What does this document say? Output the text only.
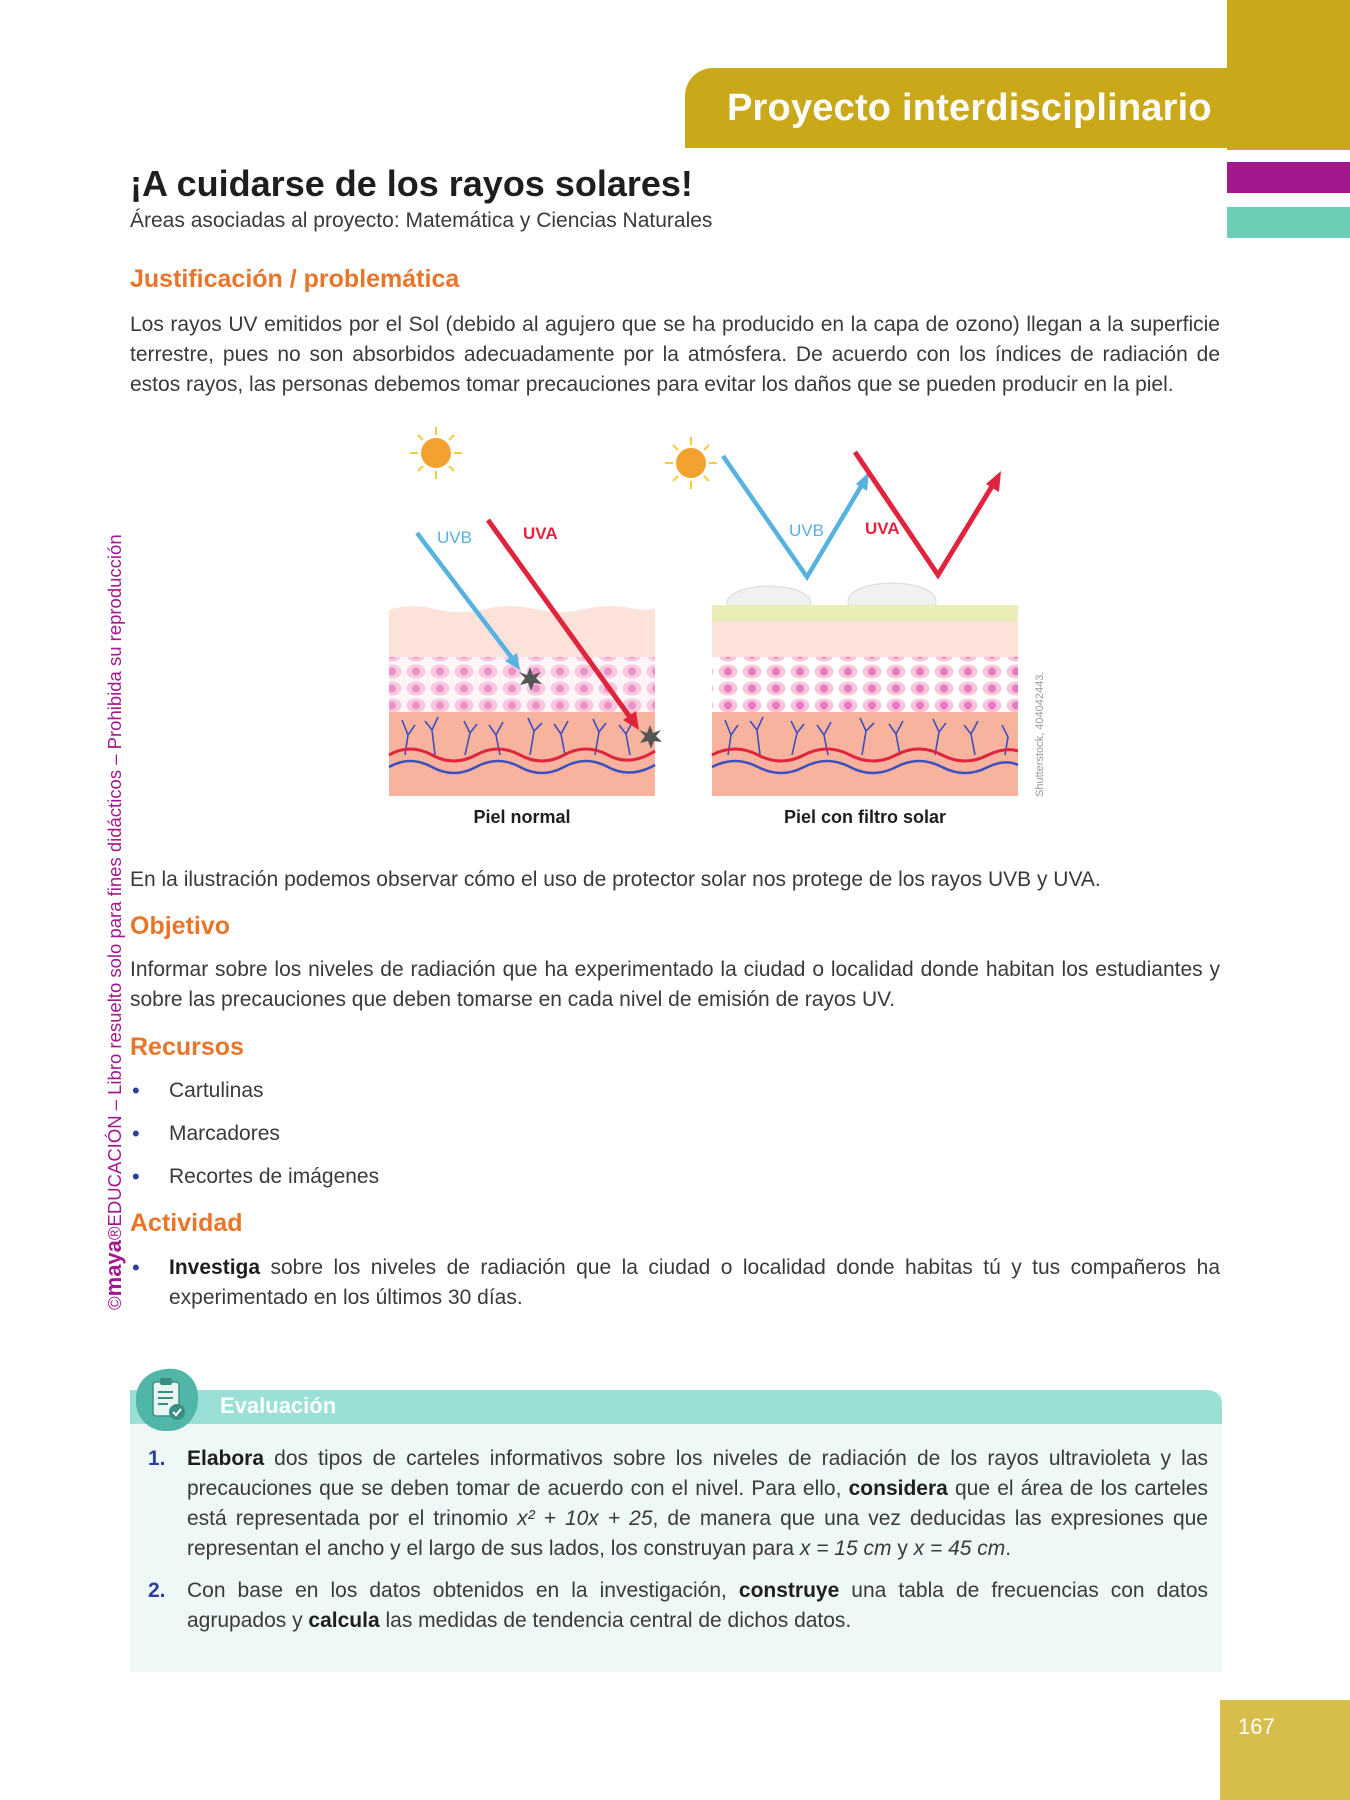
Proyecto interdisciplinario
©maya®EDUCACIÓN – Libro resuelto solo para fines didácticos – Prohibida su reproducción
¡A cuidarse de los rayos solares!
Áreas asociadas al proyecto: Matemática y Ciencias Naturales
Justificación / problemática

Los rayos UV emitidos por el Sol (debido al agujero que se ha producido en la capa de ozono) llegan a la superficie terrestre, pues no son absorbidos adecuadamente por la atmósfera. De acuerdo con los índices de radiación de estos rayos, las personas debemos tomar precauciones para evitar los daños que se pueden producir en la piel.

UVB	UVA
Piel normal
UVB UVA
Piel con filtro solar
Shutterstock, 404042443.

En la ilustración podemos observar cómo el uso de protector solar nos protege de los rayos UVB y UVA.

Objetivo

Informar sobre los niveles de radiación que ha experimentado la ciudad o localidad donde habitan los estudiantes y sobre las precauciones que deben tomarse en cada nivel de emisión de rayos UV.

Recursos
• Cartulinas
• Marcadores
• Recortes de imágenes
Actividad
• Investiga sobre los niveles de radiación que la ciudad o localidad donde habitas tú y tus compañeros ha experimentado en los últimos 30 días.
Evaluación
1. Elabora dos tipos de carteles informativos sobre los niveles de radiación de los rayos ultravioleta y las precauciones que se deben tomar de acuerdo con el nivel. Para ello, considera que el área de los carteles está representada por el trinomio x² + 10x + 25, de manera que una vez deducidas las expresiones que representan el ancho y el largo de sus lados, los construyan para x = 15 cm y x = 45 cm.
2. Con base en los datos obtenidos en la investigación, construye una tabla de frecuencias con datos agrupados y calcula las medidas de tendencia central de dichos datos.
167
